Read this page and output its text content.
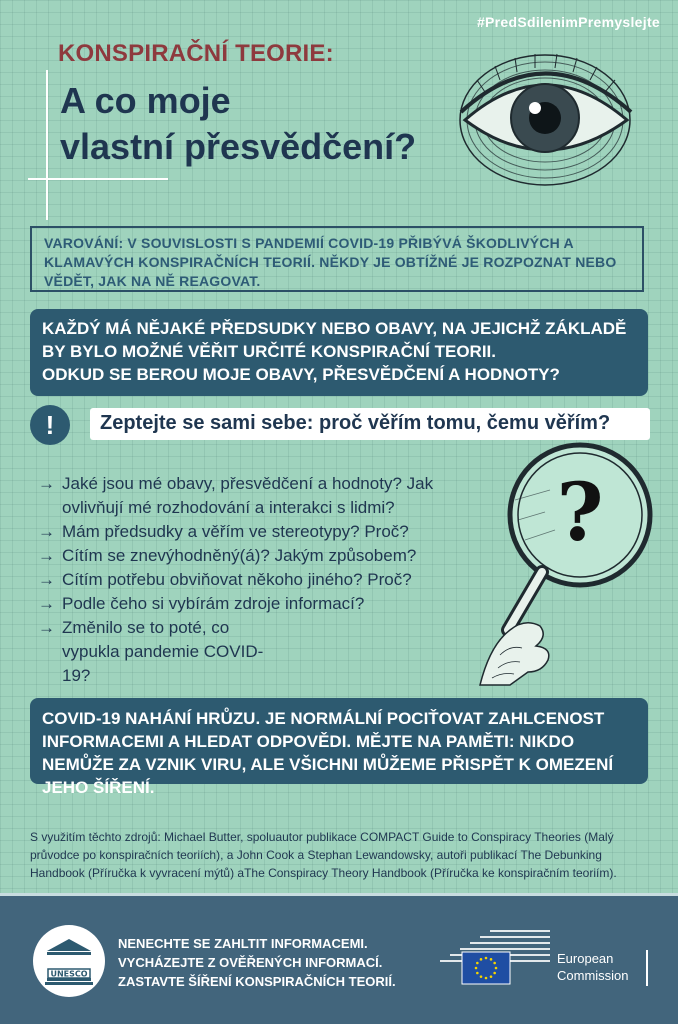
#PredSdilenimPremyslejte
KONSPIRAČNÍ TEORIE:
A co moje
vlastní přesvědčení?
VAROVÁNÍ: V SOUVISLOSTI S PANDEMIÍ COVID-19 PŘIBÝVÁ ŠKODLIVÝCH A KLAMAVÝCH KONSPIRAČNÍCH TEORIÍ. NĚKDY JE OBTÍŽNÉ JE ROZPOZNAT NEBO VĚDĚT, JAK NA NĚ REAGOVAT.
KAŽDÝ MÁ NĚJAKÉ PŘEDSUDKY NEBO OBAVY, NA JEJICHŽ ZÁKLADĚ BY BYLO MOŽNÉ VĚŘIT URČITÉ KONSPIRAČNÍ TEORII.
ODKUD SE BEROU MOJE OBAVY, PŘESVĚDČENÍ A HODNOTY?
!	Zeptejte se sami sebe: proč věřím tomu, čemu věřím?
→ Jaké jsou mé obavy, přesvědčení a hodnoty? Jak ovlivňují mé rozhodování a interakci s lidmi?
→ Mám předsudky a věřím ve stereotypy? Proč?
→ Cítím se znevýhodněný(á)? Jakým způsobem?
→ Cítím potřebu obviňovat někoho jiného? Proč?
→ Podle čeho si vybírám zdroje informací?
→ Změnilo se to poté, co vypukla pandemie COVID-19?
?
COVID-19 NAHÁNÍ HRŮZU. JE NORMÁLNÍ POCIŤOVAT ZAHLCENOST INFORMACEMI A HLEDAT ODPOVĚDI. MĚJTE NA PAMĚTI: NIKDO NEMŮŽE ZA VZNIK VIRU, ALE VŠICHNI MŮŽEME PŘISPĚT K OMEZENÍ JEHO ŠÍŘENÍ.
S využitím těchto zdrojů: Michael Butter, spoluautor publikace COMPACT Guide to Conspiracy Theories (Malý průvodce po konspiračních teoriích), a John Cook a Stephan Lewandowsky, autoři publikací The Debunking Handbook (Příručka k vyvracení mýtů) aThe Conspiracy Theory Handbook (Příručka ke konspiračním teoriím).
UNESCO
NENECHTE SE ZAHLTIT INFORMACEMI.
VYCHÁZEJTE Z OVĚŘENÝCH INFORMACÍ.
ZASTAVTE ŠÍŘENÍ KONSPIRAČNÍCH TEORIÍ.
European
Commission
